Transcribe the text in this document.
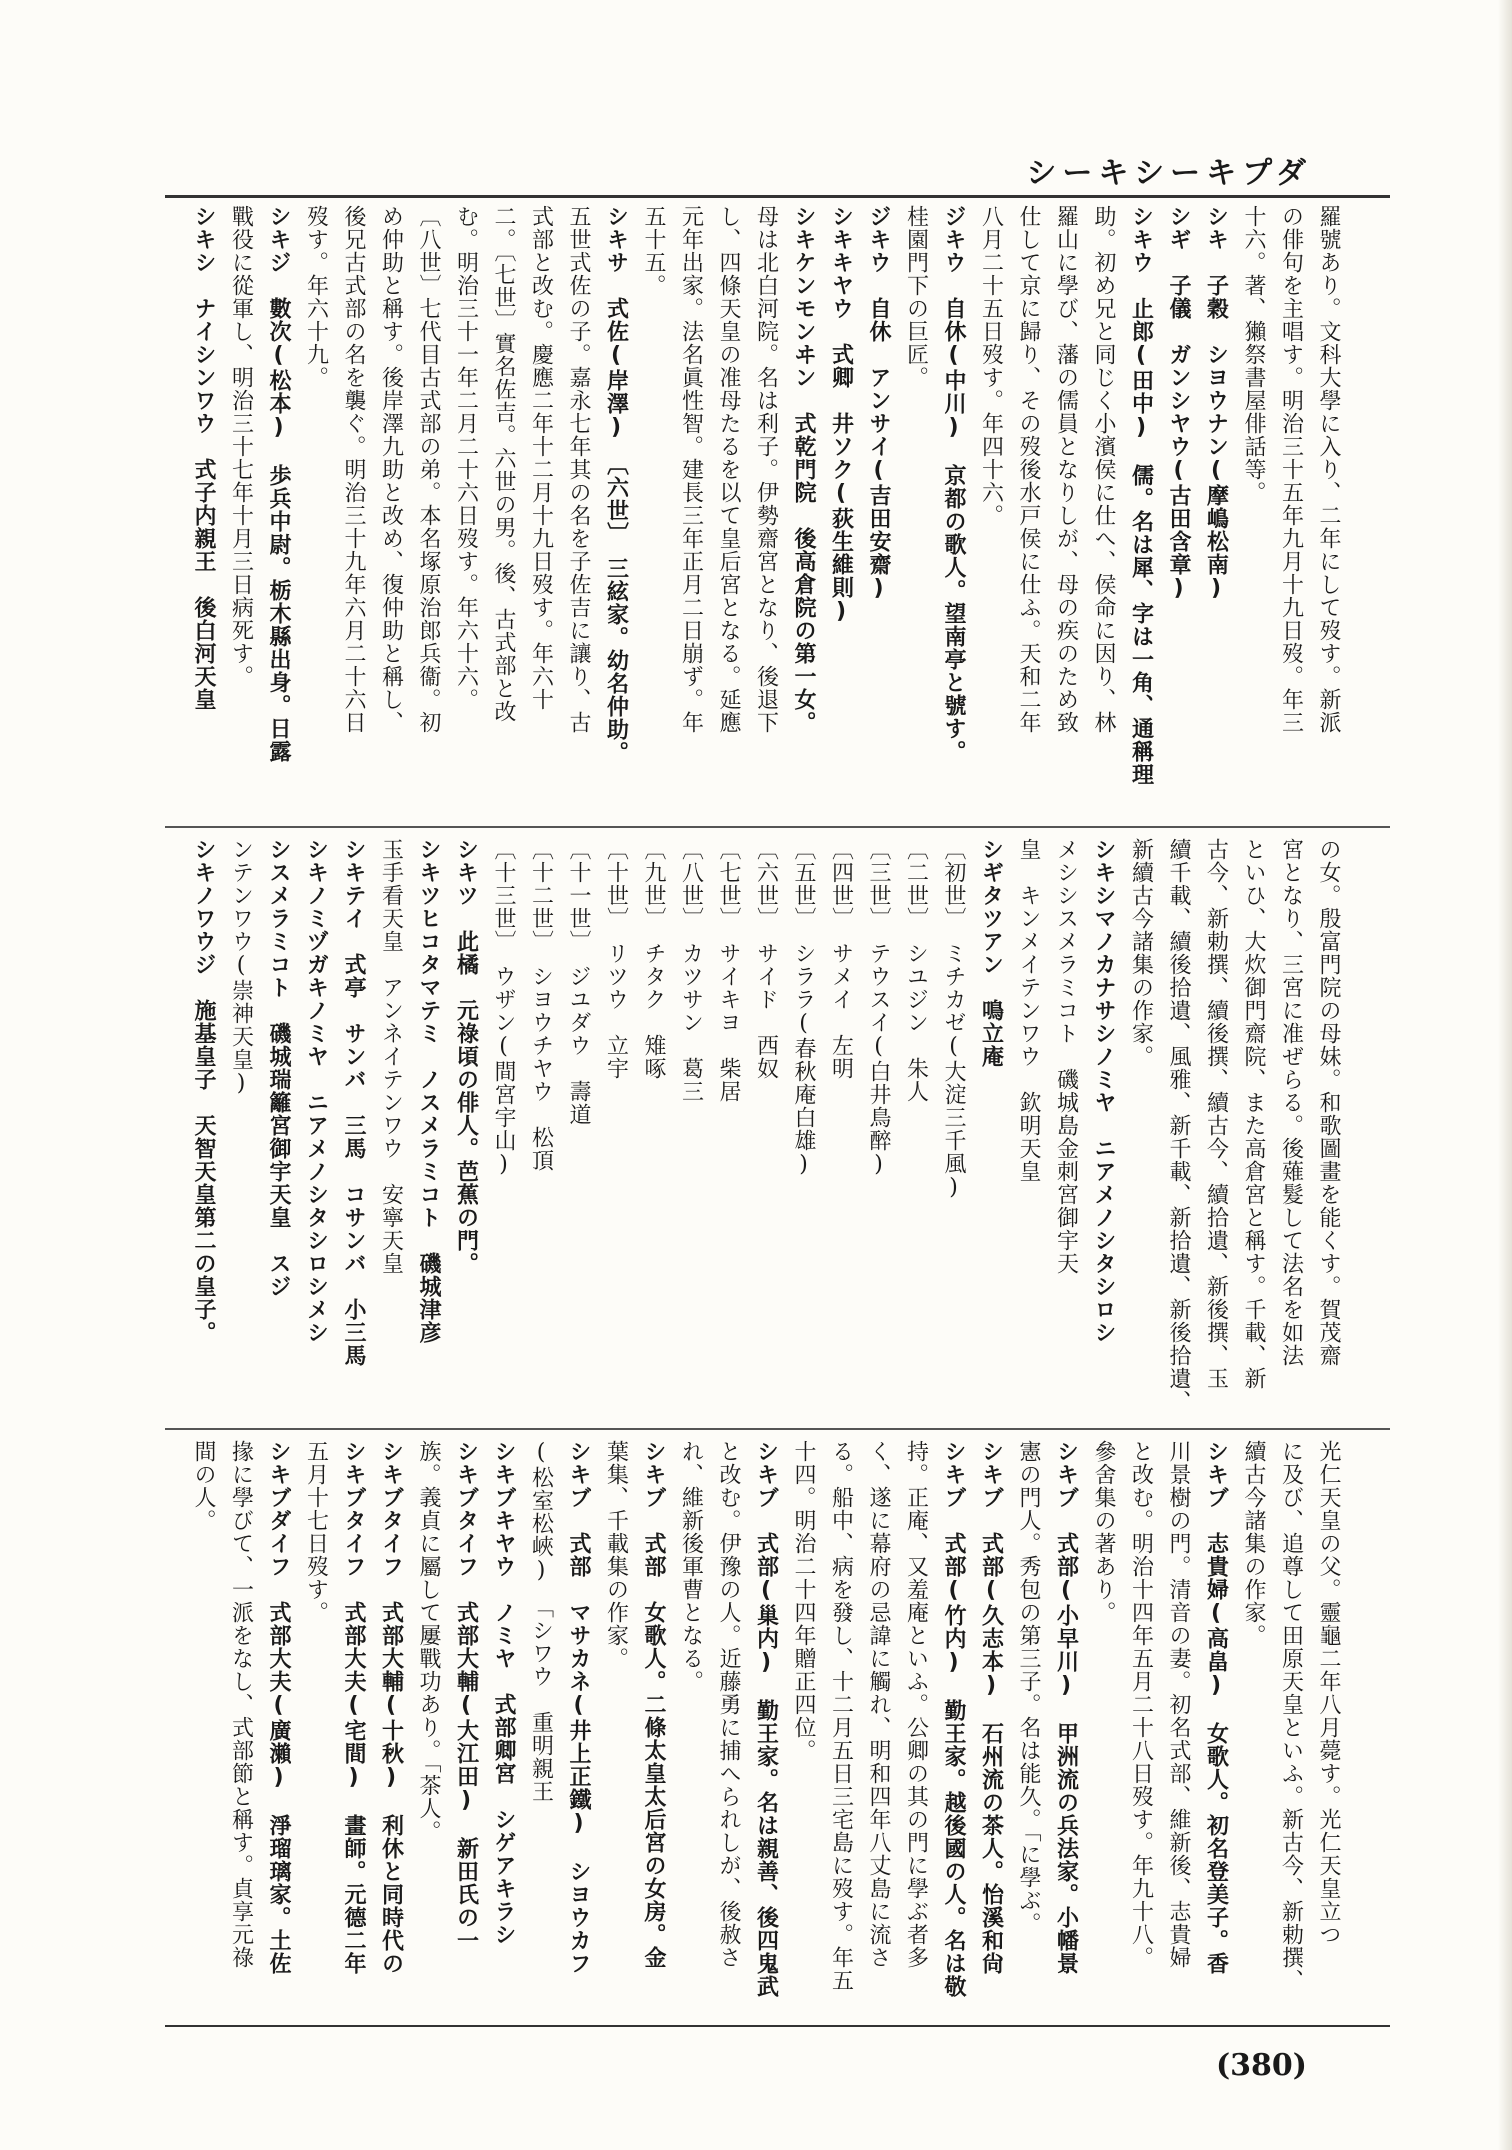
シーキシーキプダ
羅號あり。文科大學に入り、二年にして歿す。新派
の俳句を主唱す。明治三十五年九月十九日歿。年三
十六。著、獺祭書屋俳話等。
シキ　子穀　シヨウナン(摩嶋松南)
シギ　子儀　ガンシヤウ(古田含章)
シキウ　止郎(田中)　儒。名は犀、字は一角、通稱理
助。初め兄と同じく小濱侯に仕へ、侯命に因り、林
羅山に學び、藩の儒員となりしが、母の疾のため致
仕して京に歸り、その歿後水戸侯に仕ふ。天和二年
八月二十五日歿す。年四十六。
ジキウ　自休(中川)　京都の歌人。望南亭と號す。
桂園門下の巨匠。
ジキウ　自休　アンサイ(吉田安齋)
シキキヤウ　式卿　井ソク(荻生維則)
シキケンモンヰン　式乾門院　後高倉院の第一女。
母は北白河院。名は利子。伊勢齋宮となり、後退下
し、四條天皇の准母たるを以て皇后宮となる。延應
元年出家。法名眞性智。建長三年正月二日崩ず。年
五十五。
シキサ　式佐(岸澤)　〔六世〕　三絃家。幼名仲助。
五世式佐の子。嘉永七年其の名を子佐吉に讓り、古
式部と改む。慶應二年十二月十九日歿す。年六十
二。〔七世〕實名佐吉。六世の男。後、古式部と改
む。明治三十一年二月二十六日歿す。年六十六。
〔八世〕七代目古式部の弟。本名塚原治郎兵衞。初
め仲助と稱す。後岸澤九助と改め、復仲助と稱し、
後兄古式部の名を襲ぐ。明治三十九年六月二十六日
歿す。年六十九。
シキジ　數次(松本)　歩兵中尉。栃木縣出身。日露
戰役に從軍し、明治三十七年十月三日病死す。
シキシ　ナイシンワウ　式子内親王　後白河天皇
の女。殷富門院の母妹。和歌圖畫を能くす。賀茂齋
宮となり、三宮に准ぜらる。後薙髮して法名を如法
といひ、大炊御門齋院、また高倉宮と稱す。千載、新
古今、新勅撰、續後撰、續古今、續拾遺、新後撰、玉
續千載、續後拾遺、風雅、新千載、新拾遺、新後拾遺、
新續古今諸集の作家。
シキシマノカナサシノミヤ　ニアメノシタシロシ
メシシスメラミコト　磯城島金刺宮御宇天
皇　キンメイテンワウ　欽明天皇
シギタツアン　鳴立庵
〔初世〕　ミチカゼ(大淀三千風)
〔二世〕　シユジン　朱人
〔三世〕　テウスイ(白井鳥醉)
〔四世〕　サメイ　左明
〔五世〕　シララ(春秋庵白雄)
〔六世〕　サイド　西奴
〔七世〕　サイキヨ　柴居
〔八世〕　カツサン　葛三
〔九世〕　チタク　雉啄
〔十世〕　リツウ　立宇
〔十一世〕　ジユダウ　壽道
〔十二世〕　シヨウチヤウ　松頂
〔十三世〕　ウザン(間宮宇山)
シキツ　此橘　元祿頃の俳人。芭蕉の門。
シキツヒコタマテミ　ノスメラミコト　磯城津彦
玉手看天皇　アンネイテンワウ　安寧天皇
シキテイ　式亭　サンバ　三馬　コサンバ　小三馬
シキノミヅガキノミヤ　ニアメノシタシロシメシ
シスメラミコト　磯城瑞籬宮御宇天皇　スジ
ンテンワウ(崇神天皇)
シキノワウジ　施基皇子　天智天皇第二の皇子。
光仁天皇の父。靈龜二年八月薨す。光仁天皇立つ
に及び、追尊して田原天皇といふ。新古今、新勅撰、
續古今諸集の作家。
シキブ　志貴婦(高畠)　女歌人。初名登美子。香
川景樹の門。清音の妻。初名式部、維新後、志貴婦
と改む。明治十四年五月二十八日歿す。年九十八。
參舍集の著あり。
シキブ　式部(小早川)　甲洲流の兵法家。小幡景
憲の門人。秀包の第三子。名は能久。「に學ぶ。
シキブ　式部(久志本)　石州流の茶人。怡溪和尙
シキブ　式部(竹内)　勤王家。越後國の人。名は敬
持。正庵、又羞庵といふ。公卿の其の門に學ぶ者多
く、遂に幕府の忌諱に觸れ、明和四年八丈島に流さ
る。船中、病を發し、十二月五日三宅島に歿す。年五
十四。明治二十四年贈正四位。
シキブ　式部(巢内)　勤王家。名は親善、後四鬼武
と改む。伊豫の人。近藤勇に捕へられしが、後赦さ
れ、維新後軍曹となる。
シキブ　式部　女歌人。二條太皇太后宮の女房。金
葉集、千載集の作家。
シキブ　式部　マサカネ(井上正鐵)　シヨウカフ
(松室松峽)　「シワウ　重明親王
シキブキヤウ　ノミヤ　式部卿宮　シゲアキラシ
シキブタイフ　式部大輔(大江田)　新田氏の一
族。義貞に屬して屢戰功あり。「茶人。
シキブタイフ　式部大輔(十秋)　利休と同時代の
シキブタイフ　式部大夫(宅間)　畫師。元德二年
五月十七日歿す。
シキブダイフ　式部大夫(廣瀨)　淨瑠璃家。土佐
掾に學びて、一派をなし、式部節と稱す。貞享元祿
間の人。
(380)
